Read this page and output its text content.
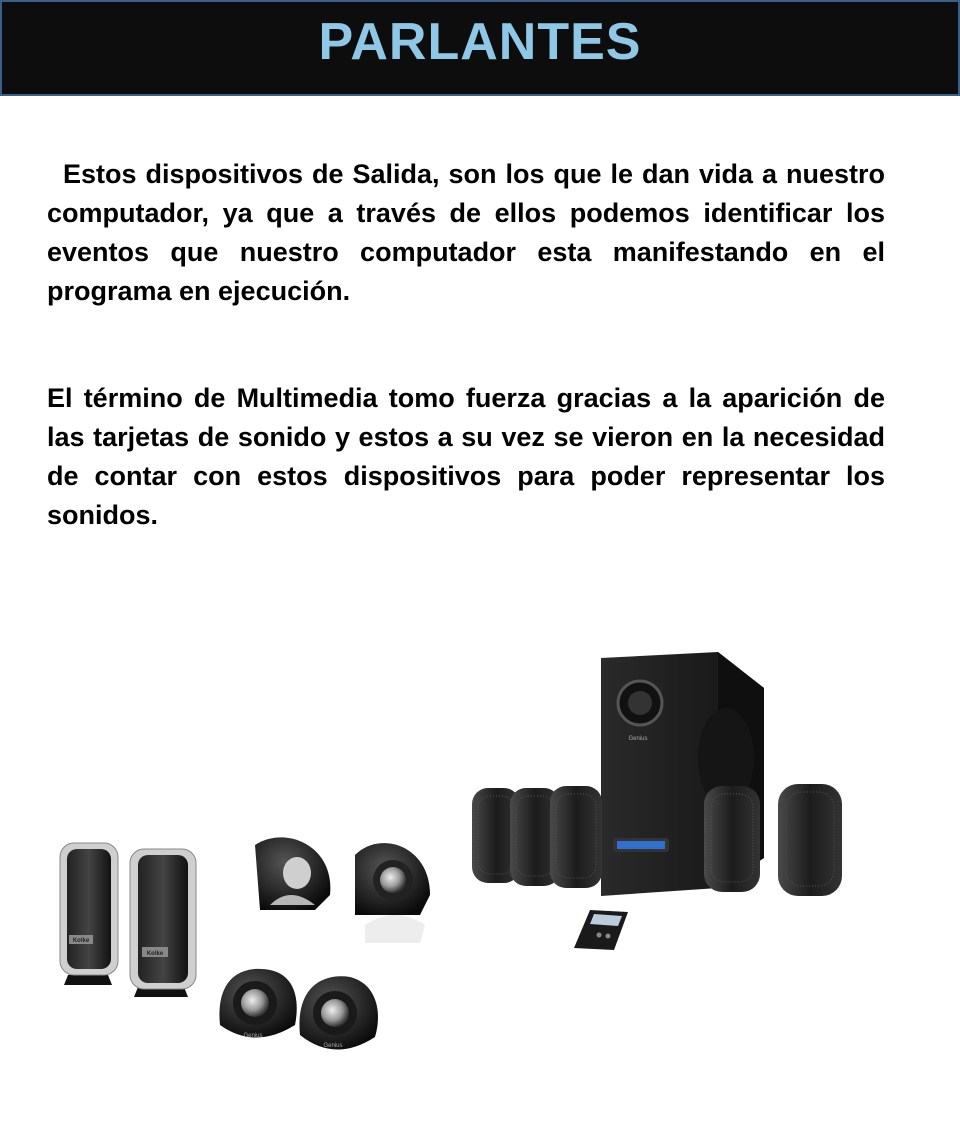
PARLANTES

Estos dispositivos de Salida, son los que le dan vida a nuestro computador, ya que a través de ellos podemos identificar los eventos que nuestro computador esta manifestando en el programa en ejecución.

El término de Multimedia tomo fuerza gracias a la aparición de las tarjetas de sonido y estos a su vez se vieron en la necesidad de contar con estos dispositivos para poder representar los sonidos.

Kolke
Kolke
Genius
Genius
Genius
